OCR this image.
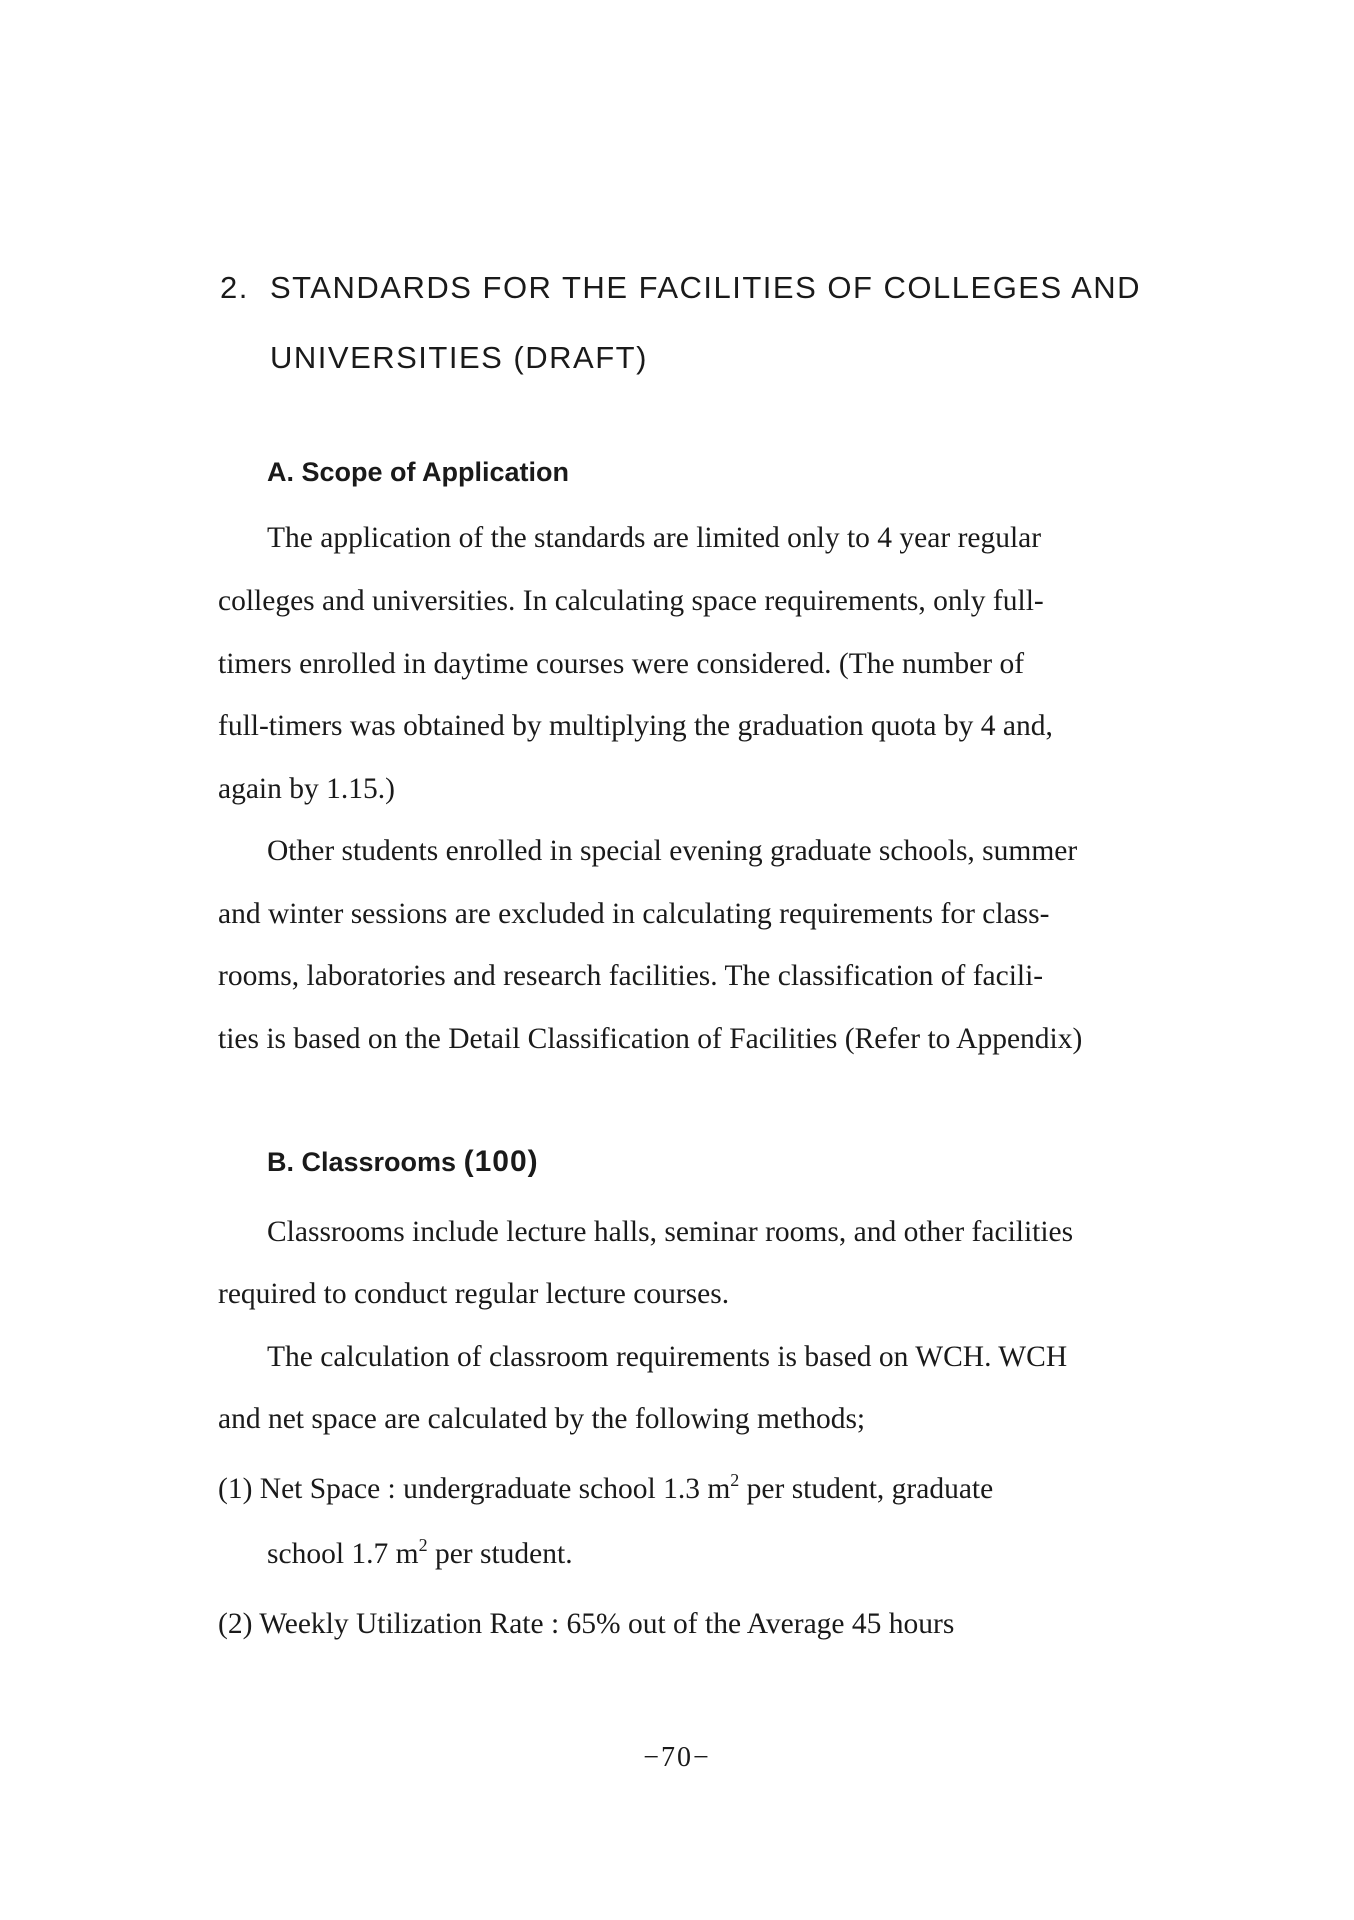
2. STANDARDS FOR THE FACILITIES OF COLLEGES AND
UNIVERSITIES (DRAFT)
A. Scope of Application
The application of the standards are limited only to 4 year regular
colleges and universities. In calculating space requirements, only full-
timers enrolled in daytime courses were considered. (The number of
full-timers was obtained by multiplying the graduation quota by 4 and,
again by 1.15.)
Other students enrolled in special evening graduate schools, summer
and winter sessions are excluded in calculating requirements for class-
rooms, laboratories and research facilities. The classification of facili-
ties is based on the Detail Classification of Facilities (Refer to Appendix)
B. Classrooms (100)
Classrooms include lecture halls, seminar rooms, and other facilities
required to conduct regular lecture courses.
The calculation of classroom requirements is based on WCH. WCH
and net space are calculated by the following methods;
(1) Net Space : undergraduate school 1.3 $m^2$ per student, graduate
school 1.7 $m^2$ per student.
(2) Weekly Utilization Rate : 65% out of the Average 45 hours
−70−
